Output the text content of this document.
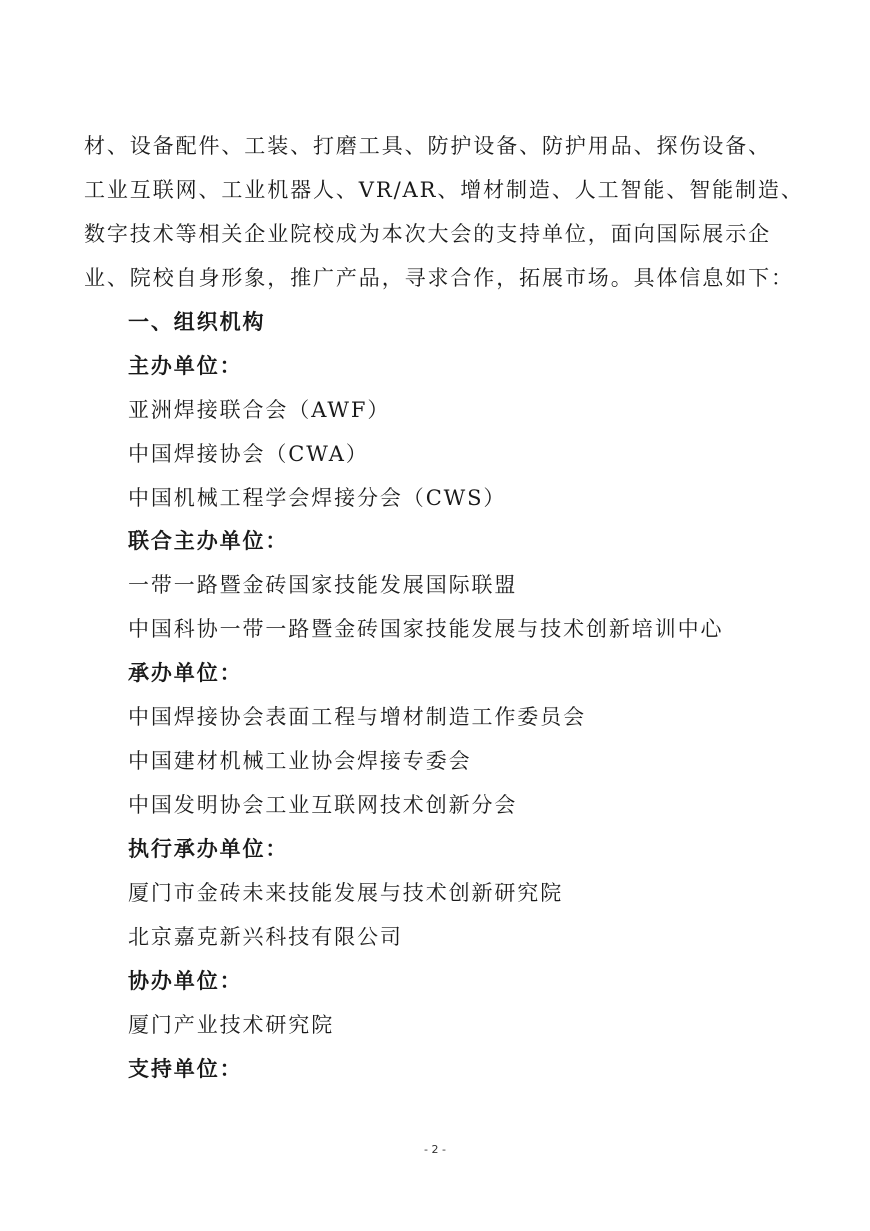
材、设备配件、工装、打磨工具、防护设备、防护用品、探伤设备、
工业互联网、工业机器人、VR/AR、增材制造、人工智能、智能制造、
数字技术等相关企业院校成为本次大会的支持单位，面向国际展示企
业、院校自身形象，推广产品，寻求合作，拓展市场。具体信息如下：
一、组织机构
主办单位：
亚洲焊接联合会（AWF）
中国焊接协会（CWA）
中国机械工程学会焊接分会（CWS）
联合主办单位：
一带一路暨金砖国家技能发展国际联盟
中国科协一带一路暨金砖国家技能发展与技术创新培训中心
承办单位：
中国焊接协会表面工程与增材制造工作委员会
中国建材机械工业协会焊接专委会
中国发明协会工业互联网技术创新分会
执行承办单位：
厦门市金砖未来技能发展与技术创新研究院
北京嘉克新兴科技有限公司
协办单位：
厦门产业技术研究院
支持单位：
- 2 -
